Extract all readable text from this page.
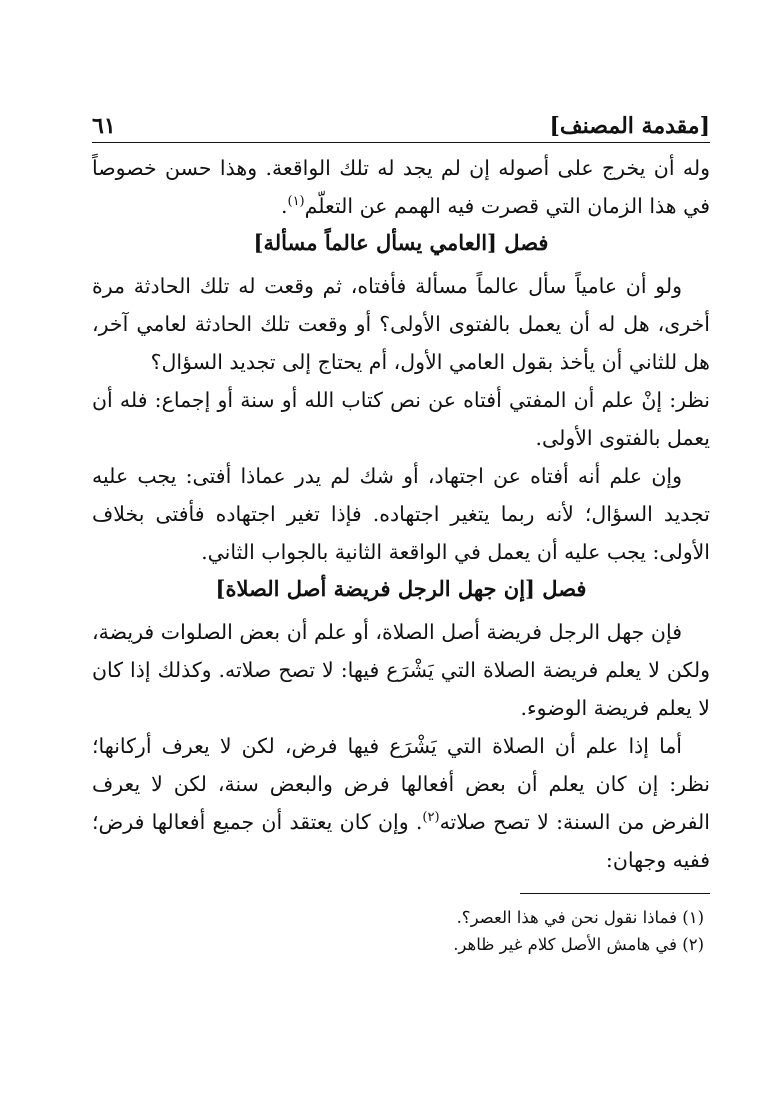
[مقدمة المصنف]
٦١

وله أن يخرج على أصوله إن لم يجد له تلك الواقعة. وهذا حسن خصوصاً في هذا الزمان التي قصرت فيه الهمم عن التعلّم$^{(١)}$.

فصل [العامي يسأل عالماً مسألة]

ولو أن عامياً سأل عالماً مسألة فأفتاه، ثم وقعت له تلك الحادثة مرة أخرى، هل له أن يعمل بالفتوى الأولى؟ أو وقعت تلك الحادثة لعامي آخر، هل للثاني أن يأخذ بقول العامي الأول، أم يحتاج إلى تجديد السؤال؟

نظر: إنْ علم أن المفتي أفتاه عن نص كتاب الله أو سنة أو إجماع: فله أن يعمل بالفتوى الأولى.

وإن علم أنه أفتاه عن اجتهاد، أو شك لم يدر عماذا أفتى: يجب عليه تجديد السؤال؛ لأنه ربما يتغير اجتهاده. فإذا تغير اجتهاده فأفتى بخلاف الأولى: يجب عليه أن يعمل في الواقعة الثانية بالجواب الثاني.

فصل [إن جهل الرجل فريضة أصل الصلاة]

فإن جهل الرجل فريضة أصل الصلاة، أو علم أن بعض الصلوات فريضة، ولكن لا يعلم فريضة الصلاة التي يَشْرَع فيها: لا تصح صلاته. وكذلك إذا كان لا يعلم فريضة الوضوء.

أما إذا علم أن الصلاة التي يَشْرَع فيها فرض، لكن لا يعرف أركانها؛ نظر: إن كان يعلم أن بعض أفعالها فرض والبعض سنة، لكن لا يعرف الفرض من السنة: لا تصح صلاته$^{(٢)}$. وإن كان يعتقد أن جميع أفعالها فرض؛ ففيه وجهان:

(١) فماذا نقول نحن في هذا العصر؟.

(٢) في هامش الأصل كلام غير ظاهر.
